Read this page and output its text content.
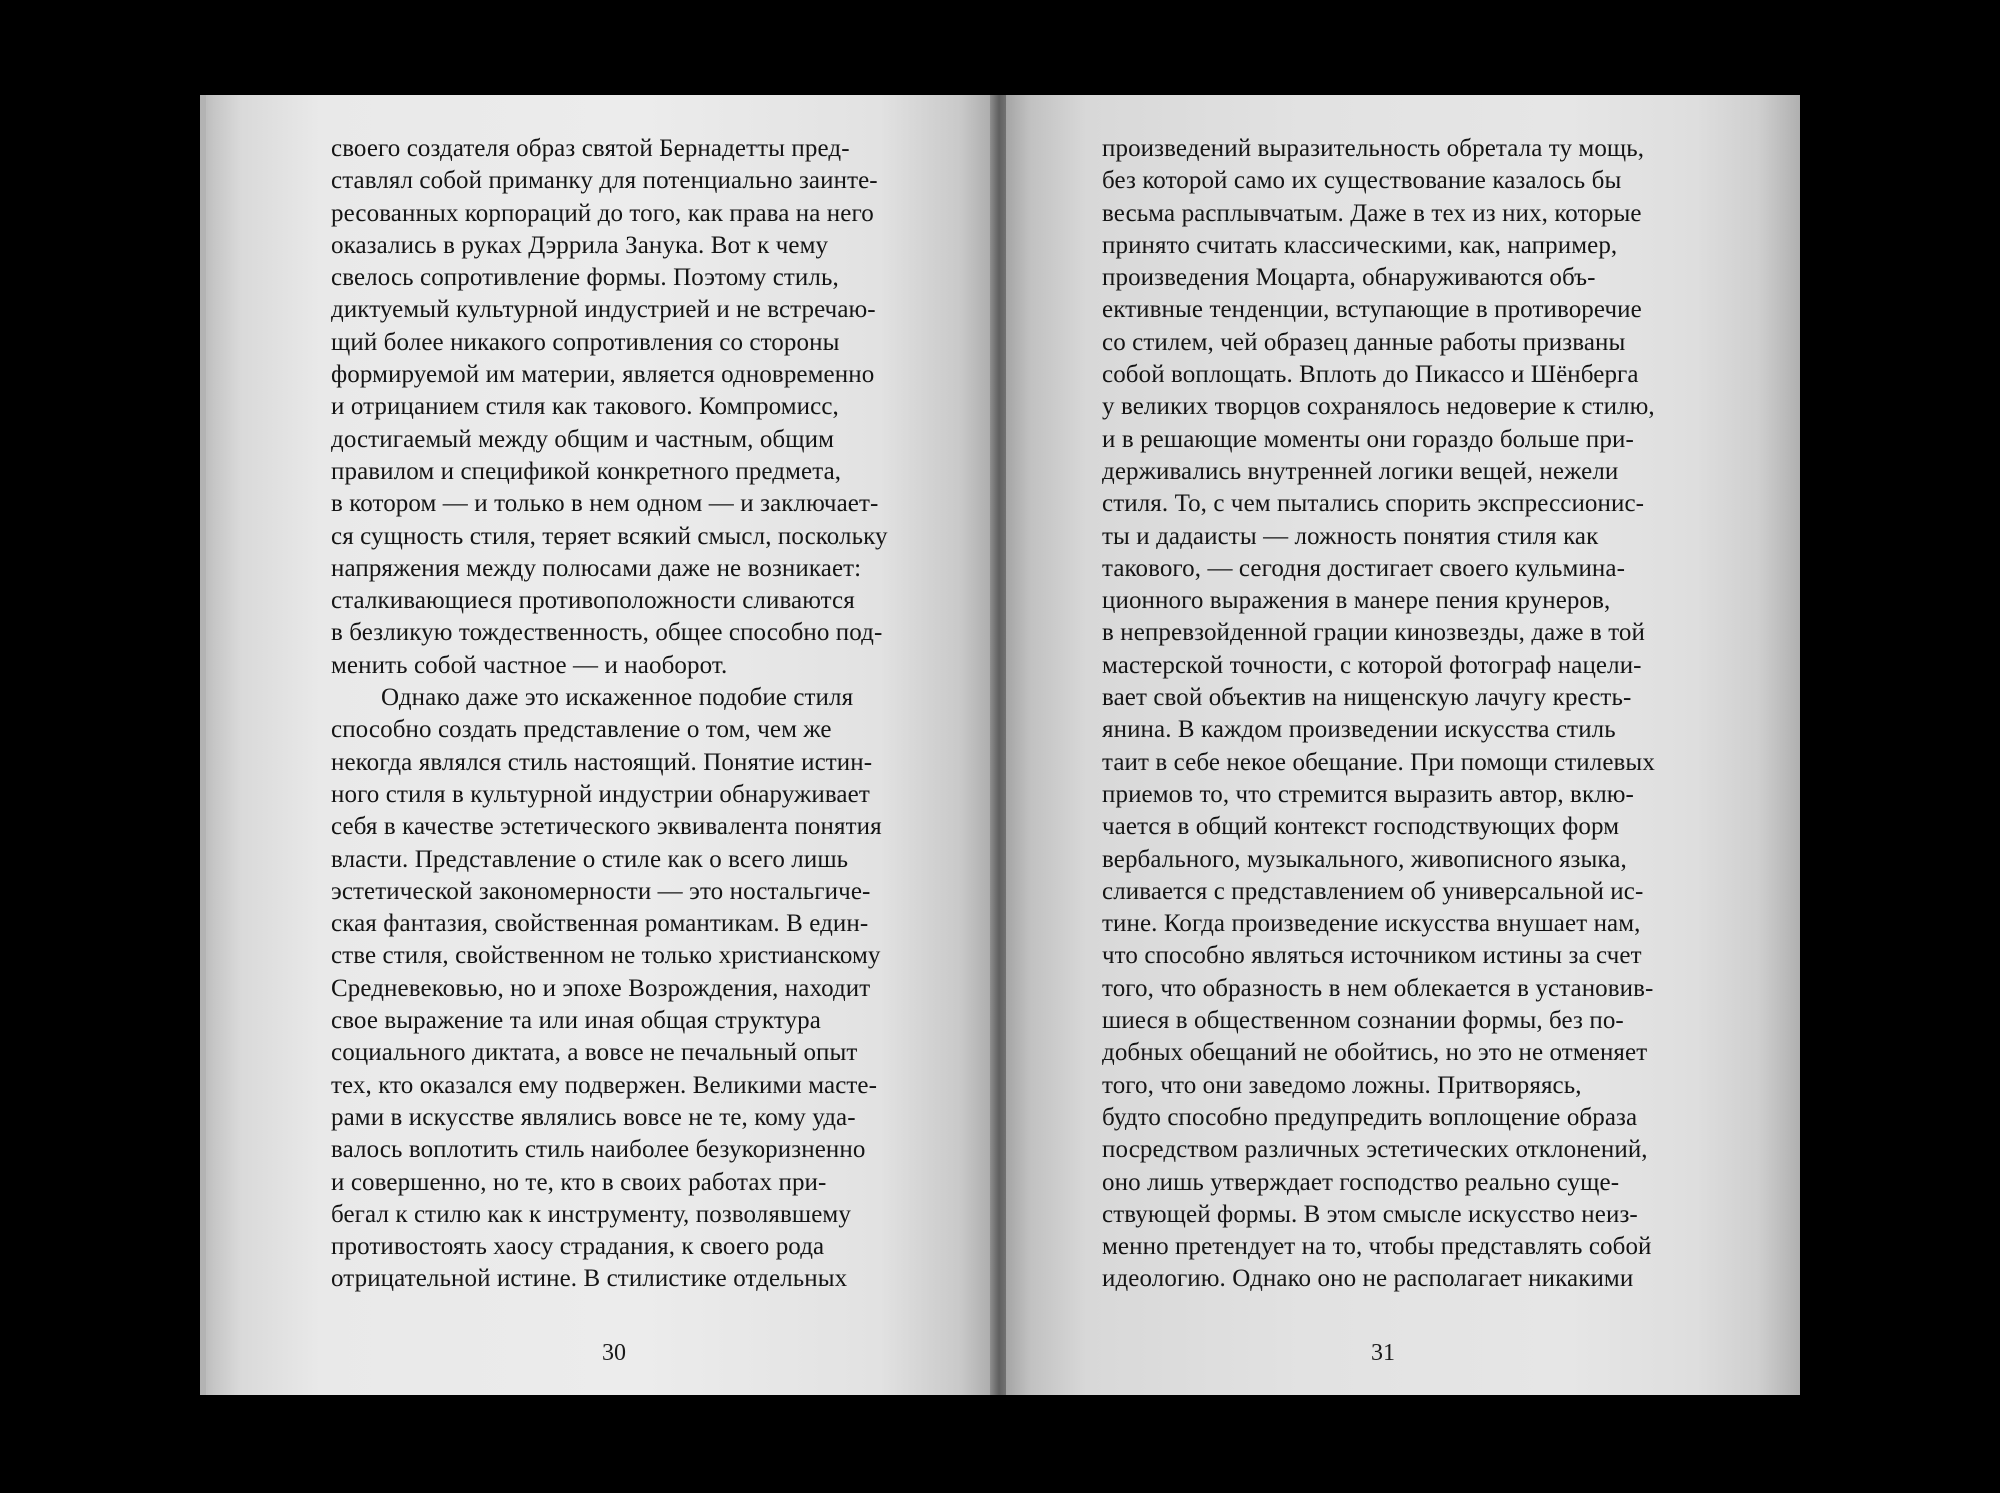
своего создателя образ святой Бернадетты пред-
ставлял собой приманку для потенциально заинте-
ресованных корпораций до того, как права на него
оказались в руках Дэррила Занука. Вот к чему
свелось сопротивление формы. Поэтому стиль,
диктуемый культурной индустрией и не встречаю-
щий более никакого сопротивления со стороны
формируемой им материи, является одновременно
и отрицанием стиля как такового. Компромисс,
достигаемый между общим и частным, общим
правилом и спецификой конкретного предмета,
в котором — и только в нем одном — и заключает-
ся сущность стиля, теряет всякий смысл, поскольку
напряжения между полюсами даже не возникает:
сталкивающиеся противоположности сливаются
в безликую тождественность, общее способно под-
менить собой частное — и наоборот.
Однако даже это искаженное подобие стиля
способно создать представление о том, чем же
некогда являлся стиль настоящий. Понятие истин-
ного стиля в культурной индустрии обнаруживает
себя в качестве эстетического эквивалента понятия
власти. Представление о стиле как о всего лишь
эстетической закономерности — это ностальгиче-
ская фантазия, свойственная романтикам. В един-
стве стиля, свойственном не только христианскому
Средневековью, но и эпохе Возрождения, находит
свое выражение та или иная общая структура
социального диктата, а вовсе не печальный опыт
тех, кто оказался ему подвержен. Великими масте-
рами в искусстве являлись вовсе не те, кому уда-
валось воплотить стиль наиболее безукоризненно
и совершенно, но те, кто в своих работах при-
бегал к стилю как к инструменту, позволявшему
противостоять хаосу страдания, к своего рода
отрицательной истине. В стилистике отдельных
30
произведений выразительность обретала ту мощь,
без которой само их существование казалось бы
весьма расплывчатым. Даже в тех из них, которые
принято считать классическими, как, например,
произведения Моцарта, обнаруживаются объ-
ективные тенденции, вступающие в противоречие
со стилем, чей образец данные работы призваны
собой воплощать. Вплоть до Пикассо и Шёнберга
у великих творцов сохранялось недоверие к стилю,
и в решающие моменты они гораздо больше при-
держивались внутренней логики вещей, нежели
стиля. То, с чем пытались спорить экспрессионис-
ты и дадаисты — ложность понятия стиля как
такового, — сегодня достигает своего кульмина-
ционного выражения в манере пения крунеров,
в непревзойденной грации кинозвезды, даже в той
мастерской точности, с которой фотограф нацели-
вает свой объектив на нищенскую лачугу кресть-
янина. В каждом произведении искусства стиль
таит в себе некое обещание. При помощи стилевых
приемов то, что стремится выразить автор, вклю-
чается в общий контекст господствующих форм
вербального, музыкального, живописного языка,
сливается с представлением об универсальной ис-
тине. Когда произведение искусства внушает нам,
что способно являться источником истины за счет
того, что образность в нем облекается в установив-
шиеся в общественном сознании формы, без по-
добных обещаний не обойтись, но это не отменяет
того, что они заведомо ложны. Притворяясь,
будто способно предупредить воплощение образа
посредством различных эстетических отклонений,
оно лишь утверждает господство реально суще-
ствующей формы. В этом смысле искусство неиз-
менно претендует на то, чтобы представлять собой
идеологию. Однако оно не располагает никакими
31
